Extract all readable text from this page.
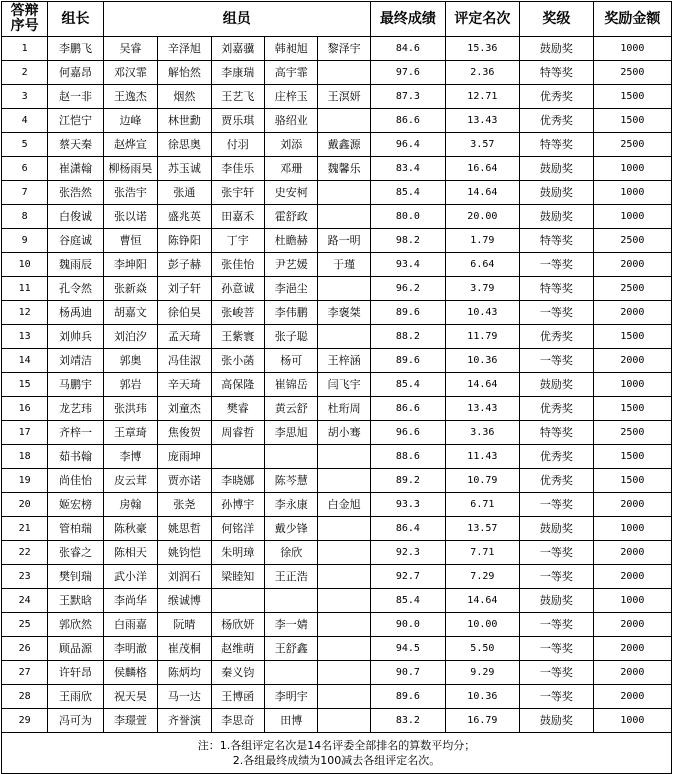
答辩
序号	组长	组员					最终成绩	评定名次	奖级	奖励金额
1	李鹏飞	吴睿	辛泽旭	刘嘉骥	韩昶旭	黎泽宇	84.6	15.36	鼓励奖	1000
2	何嘉昂	邓汉霏	解怡然	李康瑞	高宇霏		97.6	2.36	特等奖	2500
3	赵一非	王逸杰	烟然	王艺飞	庄梓玉	王溟妍	87.3	12.71	优秀奖	1500
4	江恺宁	边峰	林世勳	贾乐琪	骆绍业		86.6	13.43	优秀奖	1500
5	蔡天秦	赵烨宣	徐思奥	付羽	刘添	戴鑫源	96.4	3.57	特等奖	2500
6	崔潇翰	柳杨雨昊	苏玉诚	李佳乐	邓珊	魏馨乐	83.4	16.64	鼓励奖	1000
7	张浩然	张浩宇	张通	张宇轩	史安柯		85.4	14.64	鼓励奖	1000
8	白俊诚	张以诺	盛兆英	田嘉禾	霍舒政		80.0	20.00	鼓励奖	1000
9	谷庭诚	曹恒	陈铮阳	丁宇	杜瞻赫	路一明	98.2	1.79	特等奖	2500
10	魏雨辰	李坤阳	彭子赫	张佳怡	尹艺媛	于瑾	93.4	6.64	一等奖	2000
11	孔令然	张新焱	刘子轩	孙意诚	李浥尘		96.2	3.79	特等奖	2500
12	杨禹迪	胡嘉文	徐伯昊	张峻菩	李伟鹏	李褒桀	89.6	10.43	一等奖	2000
13	刘帅兵	刘泊汐	孟天琦	王紫寰	张子聪		88.2	11.79	优秀奖	1500
14	刘靖洁	郭奥	冯佳淑	张小菡	杨可	王梓涵	89.6	10.36	一等奖	2000
15	马鹏宇	郭岩	辛天琦	高保隆	崔锦岳	闫飞宇	85.4	14.64	鼓励奖	1000
16	龙艺玮	张洪玮	刘童杰	樊睿	黄云舒	杜珩周	86.6	13.43	优秀奖	1500
17	齐梓一	王章琦	焦俊贺	周睿哲	李思旭	胡小骞	96.6	3.36	特等奖	2500
18	茹书翰	李博	庞雨坤				88.6	11.43	优秀奖	1500
19	尚佳怡	皮云茸	贾亦诺	李晓娜	陈芩慧		89.2	10.79	优秀奖	1500
20	姬宏榜	房翰	张尧	孙博宇	李永康	白金旭	93.3	6.71	一等奖	2000
21	管柏瑞	陈秋豪	姚思哲	何铭洋	戴少锋		86.4	13.57	鼓励奖	1000
22	张睿之	陈相天	姚钧恺	朱明璋	徐欣		92.3	7.71	一等奖	2000
23	樊钊瑞	武小洋	刘润石	梁睦知	王正浩		92.7	7.29	一等奖	2000
24	王默晗	李尚华	缑诚博				85.4	14.64	鼓励奖	1000
25	郭欣然	白雨嘉	阮晴	杨欣妍	李一婧		90.0	10.00	一等奖	2000
26	顾品源	李明澈	崔茂桐	赵维萌	王舒鑫		94.5	5.50	一等奖	2000
27	许轩昂	侯麟格	陈炳均	秦义钧			90.7	9.29	一等奖	2000
28	王雨欣	祝天昊	马一达	王博函	李明宇		89.6	10.36	一等奖	2000
29	冯可为	李璟萱	齐誉演	李思奇	田博		83.2	16.79	鼓励奖	1000

注：1.各组评定名次是14名评委全部排名的算数平均分；
2.各组最终成绩为100减去各组评定名次。										
